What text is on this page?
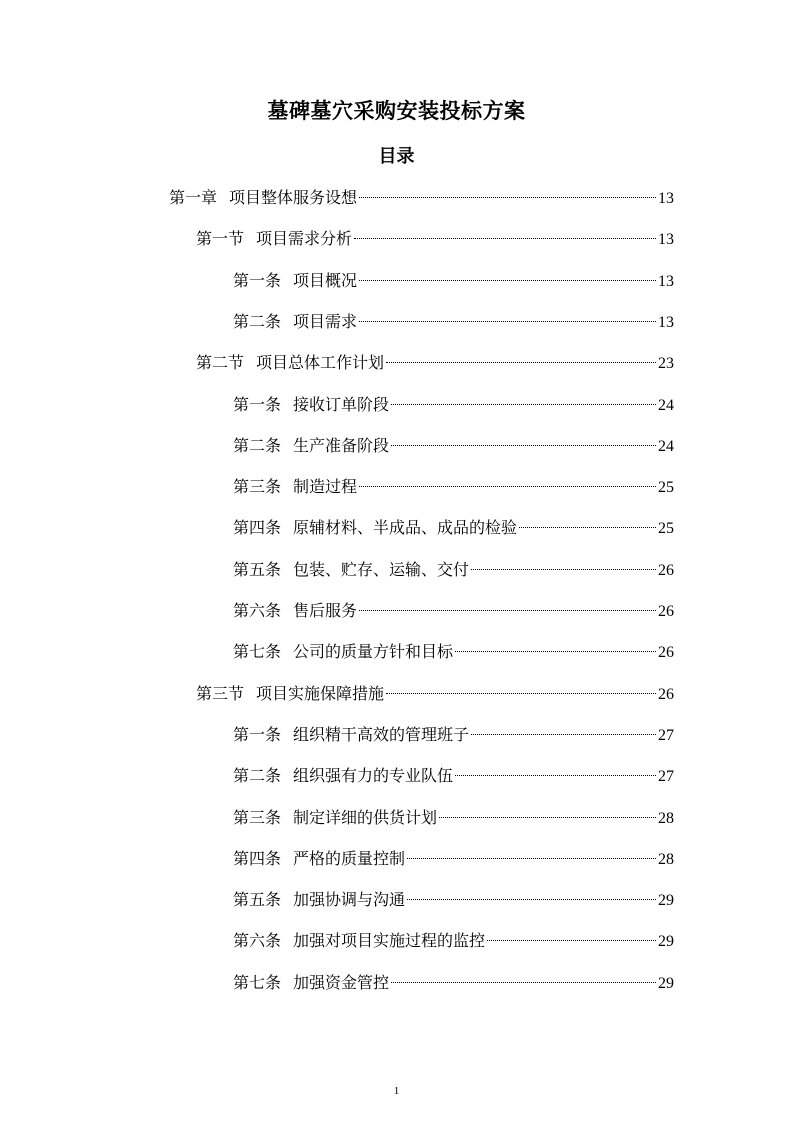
墓碑墓穴采购安装投标方案
目录
第一章 项目整体服务设想	13
第一节 项目需求分析	13
第一条 项目概况	13
第二条 项目需求	13
第二节 项目总体工作计划	23
第一条 接收订单阶段	24
第二条 生产准备阶段	24
第三条 制造过程	25
第四条 原辅材料、半成品、成品的检验	25
第五条 包装、贮存、运输、交付	26
第六条 售后服务	26
第七条 公司的质量方针和目标	26
第三节 项目实施保障措施	26
第一条 组织精干高效的管理班子	27
第二条 组织强有力的专业队伍	27
第三条 制定详细的供货计划	28
第四条 严格的质量控制	28
第五条 加强协调与沟通	29
第六条 加强对项目实施过程的监控	29
第七条 加强资金管控	29
1
